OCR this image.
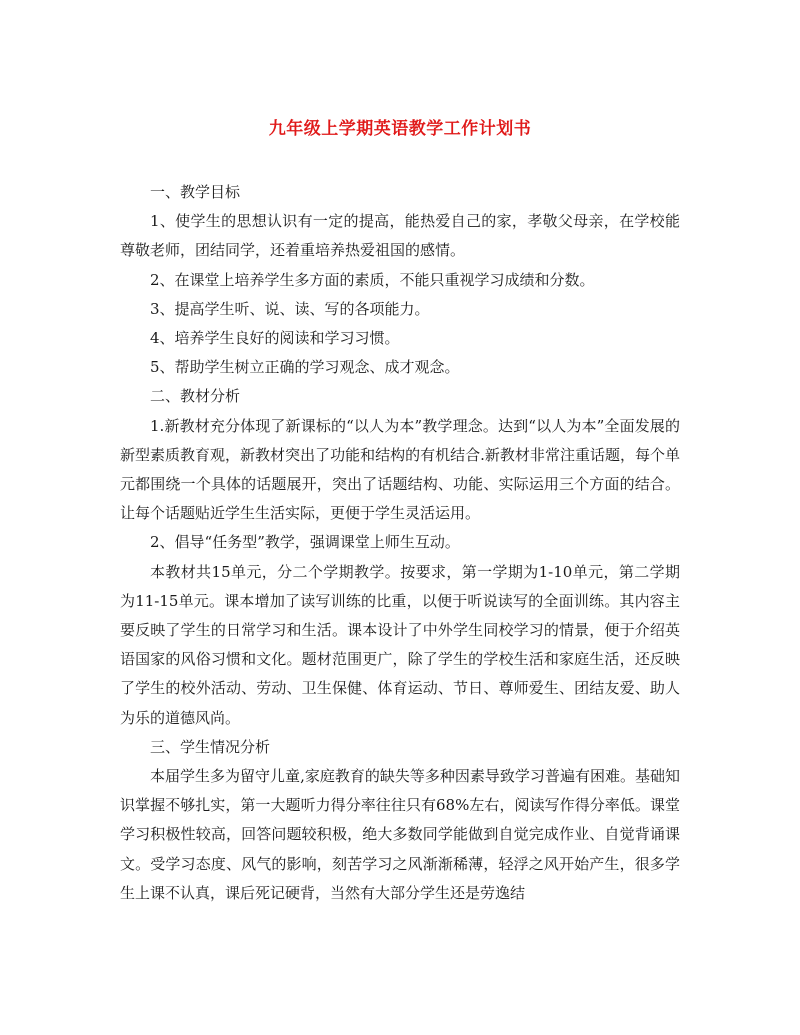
九年级上学期英语教学工作计划书

一、教学目标

1、使学生的思想认识有一定的提高，能热爱自己的家，孝敬父母亲，在学校能尊敬老师，团结同学，还着重培养热爱祖国的感情。

2、在课堂上培养学生多方面的素质，不能只重视学习成绩和分数。

3、提高学生听、说、读、写的各项能力。

4、培养学生良好的阅读和学习习惯。

5、帮助学生树立正确的学习观念、成才观念。

二、教材分析

1.新教材充分体现了新课标的“以人为本”教学理念。达到“以人为本”全面发展的新型素质教育观，新教材突出了功能和结构的有机结合.新教材非常注重话题，每个单元都围绕一个具体的话题展开，突出了话题结构、功能、实际运用三个方面的结合。让每个话题贴近学生生活实际，更便于学生灵活运用。

2、倡导“任务型”教学，强调课堂上师生互动。

本教材共15单元，分二个学期教学。按要求，第一学期为1-10单元，第二学期为11-15单元。课本增加了读写训练的比重，以便于听说读写的全面训练。其内容主要反映了学生的日常学习和生活。课本设计了中外学生同校学习的情景，便于介绍英语国家的风俗习惯和文化。题材范围更广，除了学生的学校生活和家庭生活，还反映了学生的校外活动、劳动、卫生保健、体育运动、节日、尊师爱生、团结友爱、助人为乐的道德风尚。

三、学生情况分析

本届学生多为留守儿童,家庭教育的缺失等多种因素导致学习普遍有困难。基础知识掌握不够扎实，第一大题听力得分率往往只有68%左右，阅读写作得分率低。课堂学习积极性较高，回答问题较积极，绝大多数同学能做到自觉完成作业、自觉背诵课文。受学习态度、风气的影响，刻苦学习之风渐渐稀薄，轻浮之风开始产生，很多学生上课不认真，课后死记硬背，当然有大部分学生还是劳逸结
